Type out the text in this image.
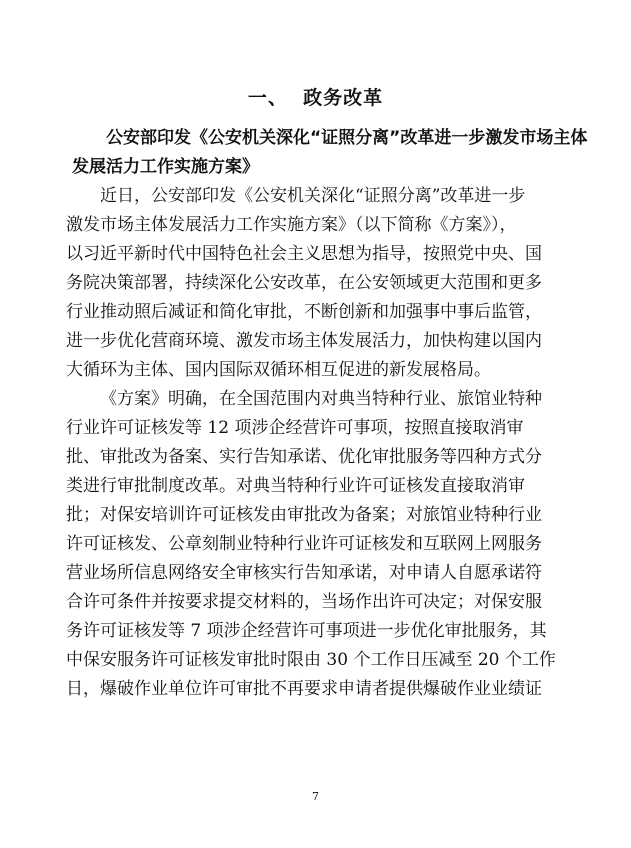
一、  政务改革
公安部印发《公安机关深化“证照分离”改革进一步激发市场主体
发展活力工作实施方案》
近日，公安部印发《公安机关深化“证照分离”改革进一步
激发市场主体发展活力工作实施方案》（以下简称《方案》），
以习近平新时代中国特色社会主义思想为指导，按照党中央、国
务院决策部署，持续深化公安改革，在公安领域更大范围和更多
行业推动照后减证和简化审批，不断创新和加强事中事后监管，
进一步优化营商环境、激发市场主体发展活力，加快构建以国内
大循环为主体、国内国际双循环相互促进的新发展格局。
《方案》明确，在全国范围内对典当特种行业、旅馆业特种
行业许可证核发等 12 项涉企经营许可事项，按照直接取消审
批、审批改为备案、实行告知承诺、优化审批服务等四种方式分
类进行审批制度改革。对典当特种行业许可证核发直接取消审
批；对保安培训许可证核发由审批改为备案；对旅馆业特种行业
许可证核发、公章刻制业特种行业许可证核发和互联网上网服务
营业场所信息网络安全审核实行告知承诺，对申请人自愿承诺符
合许可条件并按要求提交材料的，当场作出许可决定；对保安服
务许可证核发等 7 项涉企经营许可事项进一步优化审批服务，其
中保安服务许可证核发审批时限由 30 个工作日压减至 20 个工作
日，爆破作业单位许可审批不再要求申请者提供爆破作业业绩证
7
